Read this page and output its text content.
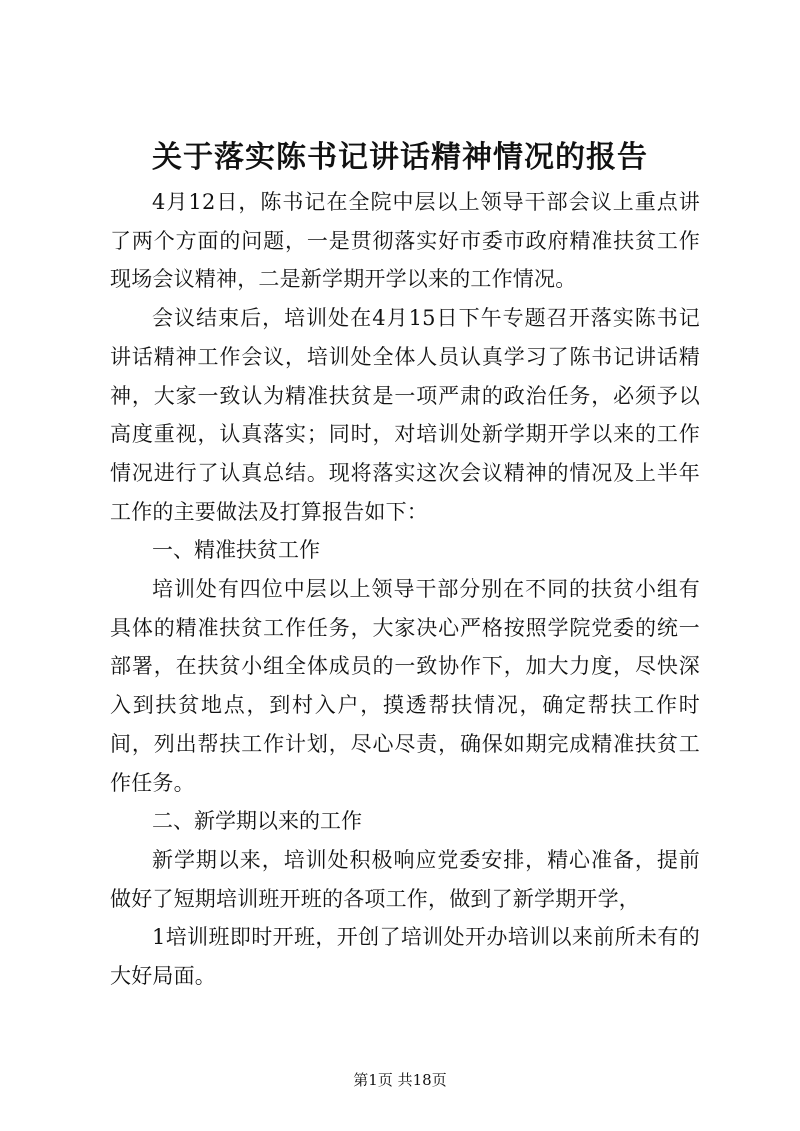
关于落实陈书记讲话精神情况的报告

4月12日，陈书记在全院中层以上领导干部会议上重点讲了两个方面的问题，一是贯彻落实好市委市政府精准扶贫工作现场会议精神，二是新学期开学以来的工作情况。

会议结束后，培训处在4月15日下午专题召开落实陈书记讲话精神工作会议，培训处全体人员认真学习了陈书记讲话精神，大家一致认为精准扶贫是一项严肃的政治任务，必须予以高度重视，认真落实；同时，对培训处新学期开学以来的工作情况进行了认真总结。现将落实这次会议精神的情况及上半年工作的主要做法及打算报告如下：

一、精准扶贫工作

培训处有四位中层以上领导干部分别在不同的扶贫小组有具体的精准扶贫工作任务，大家决心严格按照学院党委的统一部署，在扶贫小组全体成员的一致协作下，加大力度，尽快深入到扶贫地点，到村入户，摸透帮扶情况，确定帮扶工作时间，列出帮扶工作计划，尽心尽责，确保如期完成精准扶贫工作任务。

二、新学期以来的工作

新学期以来，培训处积极响应党委安排，精心准备，提前做好了短期培训班开班的各项工作，做到了新学期开学，

1培训班即时开班，开创了培训处开办培训以来前所未有的大好局面。

第1页 共18页
